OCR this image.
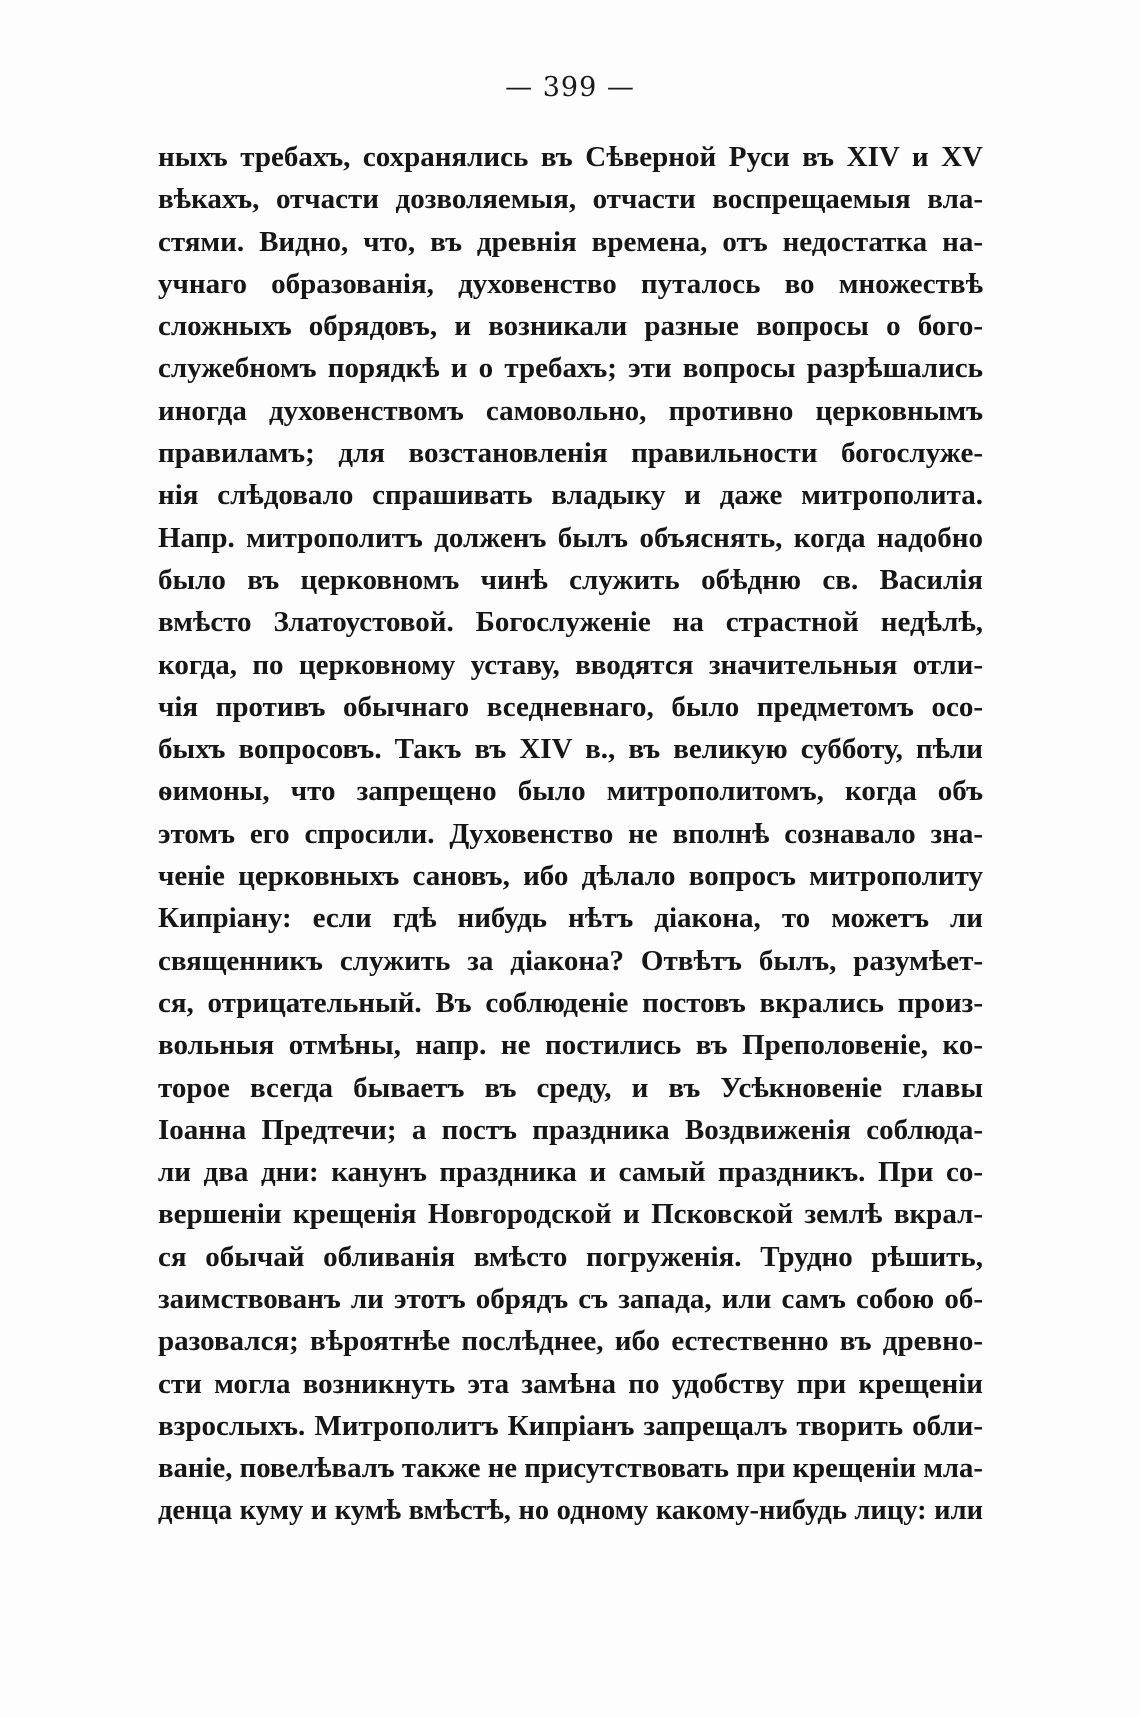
— 399 —
ныхъ требахъ, сохранялись въ Сѣверной Руси въ XIV и XV
вѣкахъ, отчасти дозволяемыя, отчасти воспрещаемыя вла-
стями. Видно, что, въ древнія времена, отъ недостатка на-
учнаго образованія, духовенство путалось во множествѣ
сложныхъ обрядовъ, и возникали разные вопросы о бого-
служебномъ порядкѣ и о требахъ; эти вопросы разрѣшались
иногда духовенствомъ самовольно, противно церковнымъ
правиламъ; для возстановленія правильности богослуже-
нія слѣдовало спрашивать владыку и даже митрополита.
Напр. митрополитъ долженъ былъ объяснять, когда надобно
было въ церковномъ чинѣ служить обѣдню св. Василія
вмѣсто Златоустовой. Богослуженіе на страстной недѣлѣ,
когда, по церковному уставу, вводятся значительныя отли-
чія противъ обычнаго вседневнаго, было предметомъ осо-
быхъ вопросовъ. Такъ въ XIV в., въ великую субботу, пѣли
ѳимоны, что запрещено было митрополитомъ, когда объ
этомъ его спросили. Духовенство не вполнѣ сознавало зна-
ченіе церковныхъ сановъ, ибо дѣлало вопросъ митрополиту
Кипріану: если гдѣ нибудь нѣтъ діакона, то можетъ ли
священникъ служить за діакона? Отвѣтъ былъ, разумѣет-
ся, отрицательный. Въ соблюденіе постовъ вкрались произ-
вольныя отмѣны, напр. не постились въ Преполовеніе, ко-
торое всегда бываетъ въ среду, и въ Усѣкновеніе главы
Іоанна Предтечи; а постъ праздника Воздвиженія соблюда-
ли два дни: канунъ праздника и самый праздникъ. При со-
вершеніи крещенія Новгородской и Псковской землѣ вкрал-
ся обычай обливанія вмѣсто погруженія. Трудно рѣшить,
заимствованъ ли этотъ обрядъ съ запада, или самъ собою об-
разовался; вѣроятнѣе послѣднее, ибо естественно въ древно-
сти могла возникнуть эта замѣна по удобству при крещеніи
взрослыхъ. Митрополитъ Кипріанъ запрещалъ творить обли-
ваніе, повелѣвалъ также не присутствовать при крещеніи мла-
денца куму и кумѣ вмѣстѣ, но одному какому-нибудь лицу: или
